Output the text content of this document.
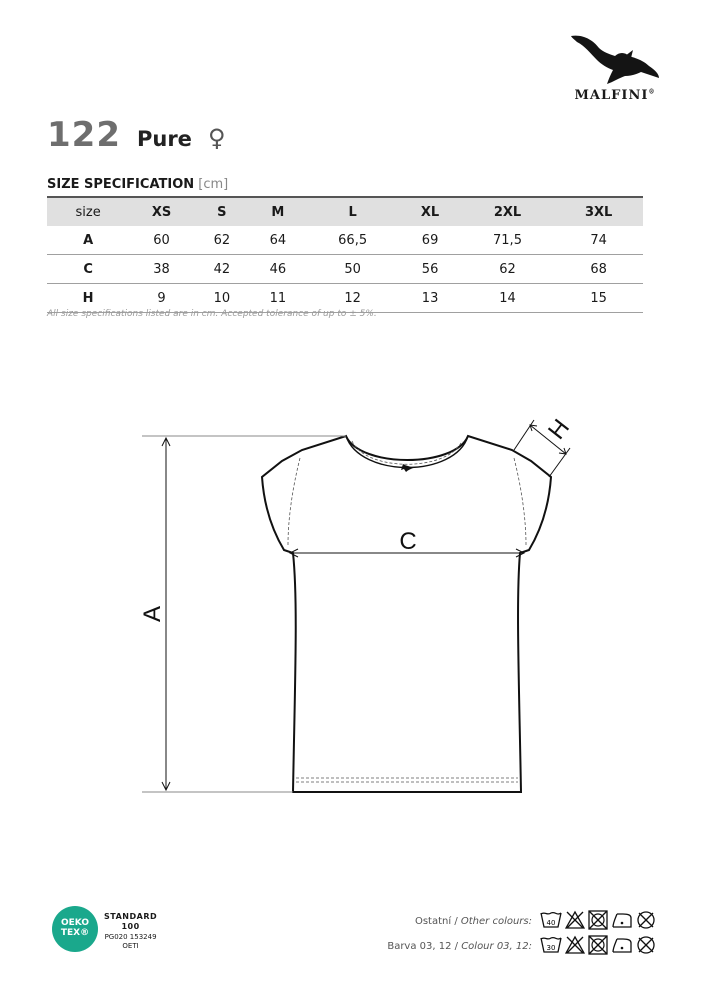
MALFINI®
122 Pure ♀
SIZE SPECIFICATION [cm]
size	XS	S	M	L	XL	2XL	3XL
A	60	62	64	66,5	69	71,5	74
C	38	42	46	50	56	62	68
H	9	10	11	12	13	14	15
All size specifications listed are in cm. Accepted tolerance of up to ± 5%.
A
C
H
OEKO
TEX®
STANDARD
100
PG020 153249
OETI
Ostatní / Other colours: 40
Barva 03, 12 / Colour 03, 12: 30
